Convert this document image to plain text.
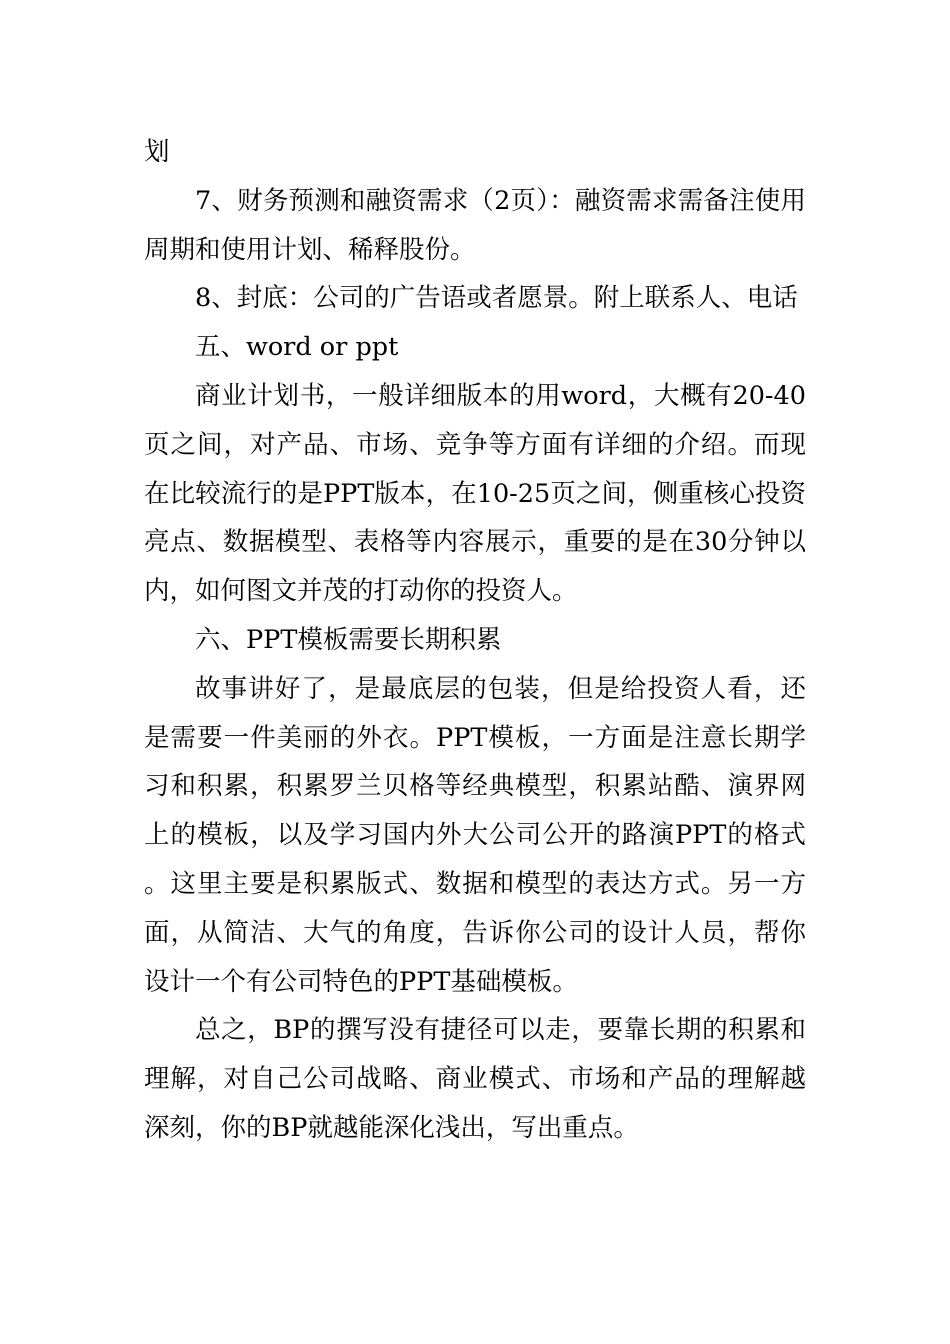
划

7、财务预测和融资需求（2页）：融资需求需备注使用周期和使用计划、稀释股份。

8、封底：公司的广告语或者愿景。附上联系人、电话

五、word or ppt

商业计划书，一般详细版本的用word，大概有20-40页之间，对产品、市场、竞争等方面有详细的介绍。而现在比较流行的是PPT版本，在10-25页之间，侧重核心投资亮点、数据模型、表格等内容展示，重要的是在30分钟以内，如何图文并茂的打动你的投资人。

六、PPT模板需要长期积累

故事讲好了，是最底层的包装，但是给投资人看，还是需要一件美丽的外衣。PPT模板，一方面是注意长期学习和积累，积累罗兰贝格等经典模型，积累站酷、演界网上的模板，以及学习国内外大公司公开的路演PPT的格式。这里主要是积累版式、数据和模型的表达方式。另一方面，从简洁、大气的角度，告诉你公司的设计人员，帮你设计一个有公司特色的PPT基础模板。

总之，BP的撰写没有捷径可以走，要靠长期的积累和理解，对自己公司战略、商业模式、市场和产品的理解越深刻，你的BP就越能深化浅出，写出重点。
